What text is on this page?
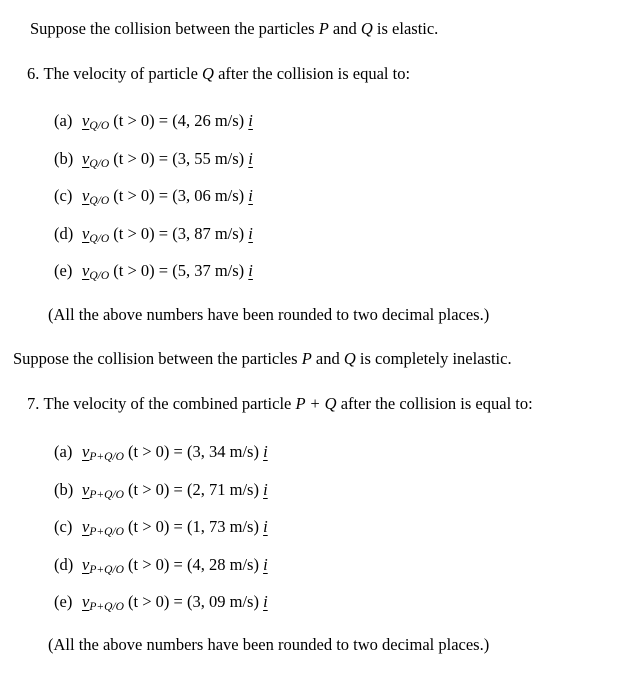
Suppose the collision between the particles P and Q is elastic.
6. The velocity of particle Q after the collision is equal to:
(a) $v_{Q/O}$ (t > 0) = (4, 26 m/s) i
(b) $v_{Q/O}$ (t > 0) = (3, 55 m/s) i
(c) $v_{Q/O}$ (t > 0) = (3, 06 m/s) i
(d) $v_{Q/O}$ (t > 0) = (3, 87 m/s) i
(e) $v_{Q/O}$ (t > 0) = (5, 37 m/s) i
(All the above numbers have been rounded to two decimal places.)
Suppose the collision between the particles P and Q is completely inelastic.
7. The velocity of the combined particle P + Q after the collision is equal to:
(a) $v_{P+Q/O}$ (t > 0) = (3, 34 m/s) i
(b) $v_{P+Q/O}$ (t > 0) = (2, 71 m/s) i
(c) $v_{P+Q/O}$ (t > 0) = (1, 73 m/s) i
(d) $v_{P+Q/O}$ (t > 0) = (4, 28 m/s) i
(e) $v_{P+Q/O}$ (t > 0) = (3, 09 m/s) i
(All the above numbers have been rounded to two decimal places.)
